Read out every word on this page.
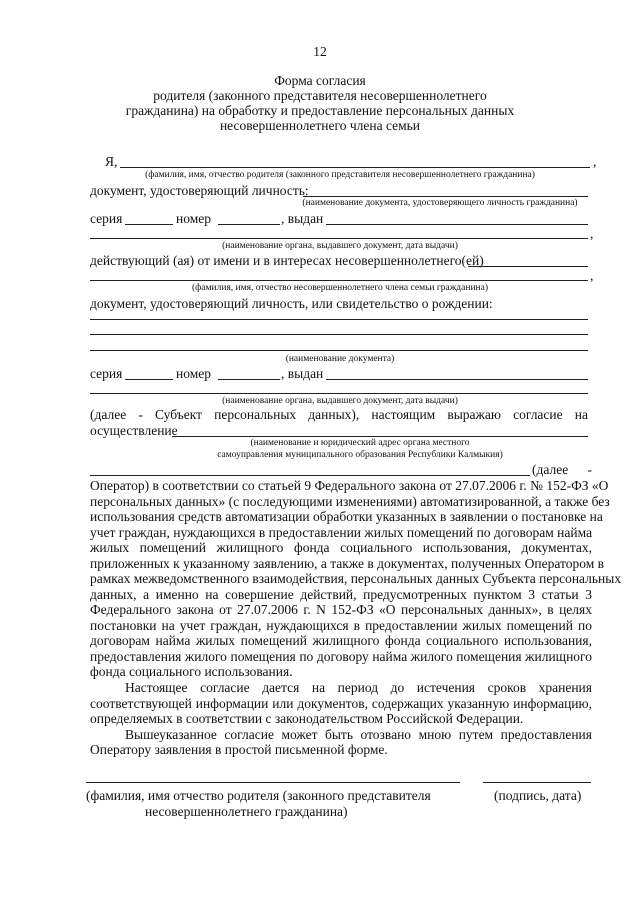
12
Форма согласия
родителя (законного представителя несовершеннолетнего
гражданина) на обработку и предоставление персональных данных
несовершеннолетнего члена семьи
Я,	,
(фамилия, имя, отчество родителя (законного представителя несовершеннолетнего гражданина)
документ, удостоверяющий личность:
(наименование документа, удостоверяющего личность гражданина)
серия	номер	, выдан
,
(наименование органа, выдавшего документ, дата выдачи)
действующий (ая) от имени и в интересах несовершеннолетнего(ей)
,
(фамилия, имя, отчество несовершеннолетнего члена семьи гражданина)
документ, удостоверяющий личность, или свидетельство о рождении:
(наименование документа)
серия	номер	, выдан
(наименование органа, выдавшего документ, дата выдачи)
(далее - Субъект персональных данных), настоящим выражаю согласие на
осуществление
(наименование и юридический адрес органа местного
самоуправления муниципального образования Республики Калмыкия)
(далее -
Оператор) в соответствии со статьей 9 Федерального закона от 27.07.2006 г. № 152-ФЗ «О
персональных данных» (с последующими изменениями) автоматизированной, а также без
использования средств автоматизации обработки указанных в заявлении о постановке на
учет граждан, нуждающихся в предоставлении жилых помещений по договорам найма
жилых помещений жилищного фонда социального использования, документах,
приложенных к указанному заявлению, а также в документах, полученных Оператором в
рамках межведомственного взаимодействия, персональных данных Субъекта персональных
данных, а именно на совершение действий, предусмотренных пунктом 3 статьи 3
Федерального закона от 27.07.2006 г. N 152-ФЗ «О персональных данных», в целях
постановки на учет граждан, нуждающихся в предоставлении жилых помещений по
договорам найма жилых помещений жилищного фонда социального использования,
предоставления жилого помещения по договору найма жилого помещения жилищного
фонда социального использования.
Настоящее согласие дается на период до истечения сроков хранения
соответствующей информации или документов, содержащих указанную информацию,
определяемых в соответствии с законодательством Российской Федерации.
Вышеуказанное согласие может быть отозвано мною путем предоставления
Оператору заявления в простой письменной форме.
(фамилия, имя отчество родителя (законного представителя
несовершеннолетнего гражданина)
(подпись, дата)
